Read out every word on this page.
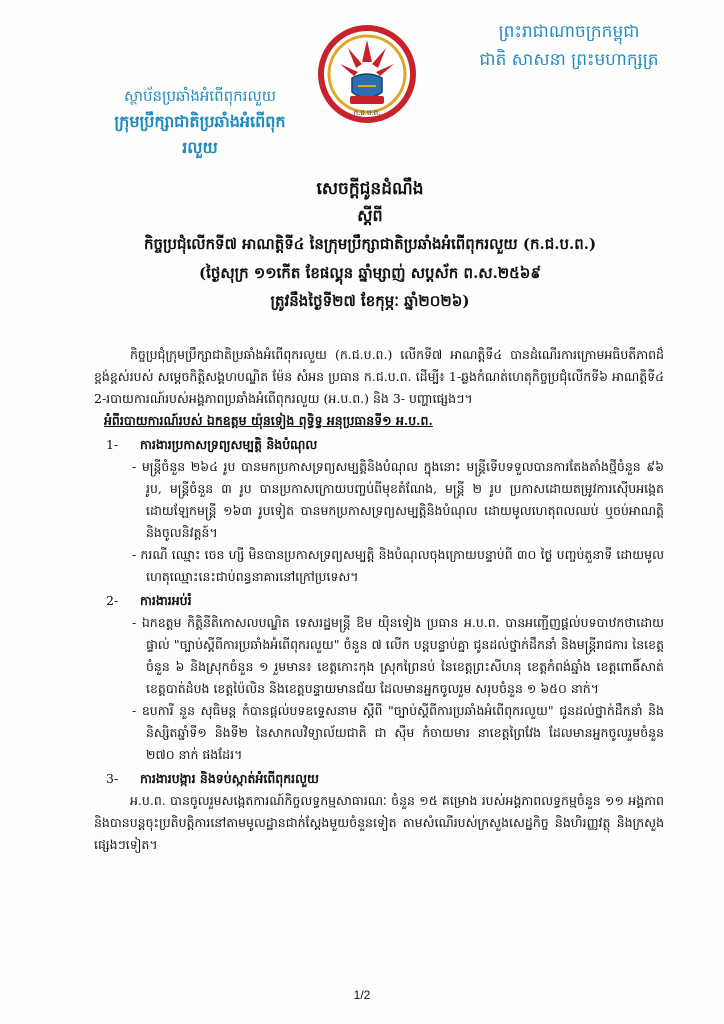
ព្រះរាជាណាចក្រកម្ពុជា
ជាតិ សាសនា ព្រះមហាក្សត្រ
ក.ជ.ប.ព.
ស្ថាប័នប្រឆាំងអំពើពុករលួយ
ក្រុមប្រឹក្សាជាតិប្រឆាំងអំពើពុករលួយ
សេចក្តីជូនដំណឹង
ស្តីពី
កិច្ចប្រជុំលើកទី៧ អាណត្តិទី៤ នៃក្រុមប្រឹក្សាជាតិប្រឆាំងអំពើពុករលួយ (ក.ជ.ប.ព.)
(ថ្ងៃសុក្រ ១១កើត ខែផល្គុន ឆ្នាំម្សាញ់ សប្តស័ក ព.ស.២៥៦៩
ត្រូវនឹងថ្ងៃទី២៧ ខែកុម្ភៈ ឆ្នាំ២០២៦)

កិច្ចប្រជុំក្រុមប្រឹក្សាជាតិប្រឆាំងអំពើពុករលួយ (ក.ជ.ប.ព.) លើកទី៧ អាណត្តិទី៤ បានដំណើរការក្រោមអធិបតីភាពដ៏ខ្ពង់ខ្ពស់របស់ សម្តេចកិត្តិសង្គហបណ្ឌិត ម៉ែន សំអន ប្រធាន ក.ជ.ប.ព. ដើម្បី៖ 1-ឆ្លងកំណត់ហេតុកិច្ចប្រជុំលើកទី៦ អាណត្តិទី៤ 2-របាយការណ៍របស់អង្គភាពប្រឆាំងអំពើពុករលួយ (អ.ប.ព.) និង 3- បញ្ហាផ្សេងៗ។

អំពីរបាយការណ៍របស់ ឯកឧត្តម យ៉ុនទៀង ពុទ្ធិទ្វ អនុប្រធានទី១ អ.ប.ព.

1- ការងារប្រកាសទ្រព្យសម្បត្តិ និងបំណុល

- មន្ត្រីចំនួន ២៦៤ រូប បានមកប្រកាសទ្រព្យសម្បត្តិនិងបំណុល ក្នុងនោះ មន្ត្រីទើបទទួលបានការតែងតាំងថ្មីចំនួន ៩៦ រូប, មន្ត្រីចំនួន ៣ រូប បានប្រកាសក្រោយបញ្ចប់ពីមុខតំណែង, មន្ត្រី ២ រូប ប្រកាសដោយតម្រូវការស៊ើបអង្កេត ដោយឡែកមន្ត្រី ១៦៣ រូបទៀត បានមកប្រកាសទ្រព្យសម្បត្តិនិងបំណុល ដោយមូលហេតុពលឈប់ ឬចប់អាណត្តិ និងចូលនិវត្តន៍។

- ករណី ឈ្មោះ ចេន ហ្សី មិនបានប្រកាសទ្រព្យសម្បត្តិ និងបំណុលចុងក្រោយបន្ទាប់ពី ៣០ ថ្ងៃ បញ្ចប់តួនាទី ដោយមូលហេតុឈ្មោះនេះជាប់ពន្ធនាគារនៅក្រៅប្រទេស។

2- ការងារអប់រំ

- ឯកឧត្តម កិត្តិនីតិកោសលបណ្ឌិត ទេសរដ្ឋមន្ត្រី ឱម យ៉ិនទៀង ប្រធាន អ.ប.ព. បានអញ្ជើញផ្តល់បទបាឋកថាដោយផ្ទាល់ "ច្បាប់ស្តីពីការប្រឆាំងអំពើពុករលួយ" ចំនួន ៧ លើក បន្តបន្ទាប់គ្នា ជូនដល់ថ្នាក់ដឹកនាំ និងមន្ត្រីរាជការ នៃខេត្តចំនួន ៦ និងស្រុកចំនួន ១ រួមមាន៖ ខេត្តកោះកុង ស្រុកព្រៃនប់ នៃខេត្តព្រះសីហនុ ខេត្តកំពង់ឆ្នាំង ខេត្តពោធិ៍សាត់ ខេត្តបាត់ដំបង ខេត្តប៉ៃលិន និងខេត្តបន្ទាយមានជ័យ ដែលមានអ្នកចូលរួម សរុបចំនួន ១ ៦៥០ នាក់។

- ឧបការី នួន សុធិមន្ត កំបានផ្តល់បទឧទ្ទេសនាម ស្តីពី "ច្បាប់ស្តីពីការប្រឆាំងអំពើពុករលួយ" ជូនដល់ថ្នាក់ដឹកនាំ និងនិស្សិតឆ្នាំទី១ និងទី២ នៃសាកលវិទ្យាល័យជាតិ ជា ស៊ីម កំចាយមារ នាខេត្តព្រៃវែង ដែលមានអ្នកចូលរួមចំនួន ២៧០ នាក់ ផងដែរ។

3- ការងារបង្ការ និងទប់ស្កាត់អំពើពុករលួយ

អ.ប.ព. បានចូលរួមសង្កេតការណ៍កិច្ចលទ្ធកម្មសាធារណៈ ចំនួន ១៥ គម្រោង របស់អង្គភាពលទ្ធកម្មចំនួន ១១ អង្គភាព និងបានបន្តចុះប្រតិបត្តិការនៅតាមមូលដ្ឋានជាក់ស្តែងមួយចំនួនទៀត តាមសំណើរបស់ក្រសួងសេដ្ឋកិច្ច និងហិរញ្ញវត្ថុ និងក្រសួងផ្សេងៗទៀត។

1/2
